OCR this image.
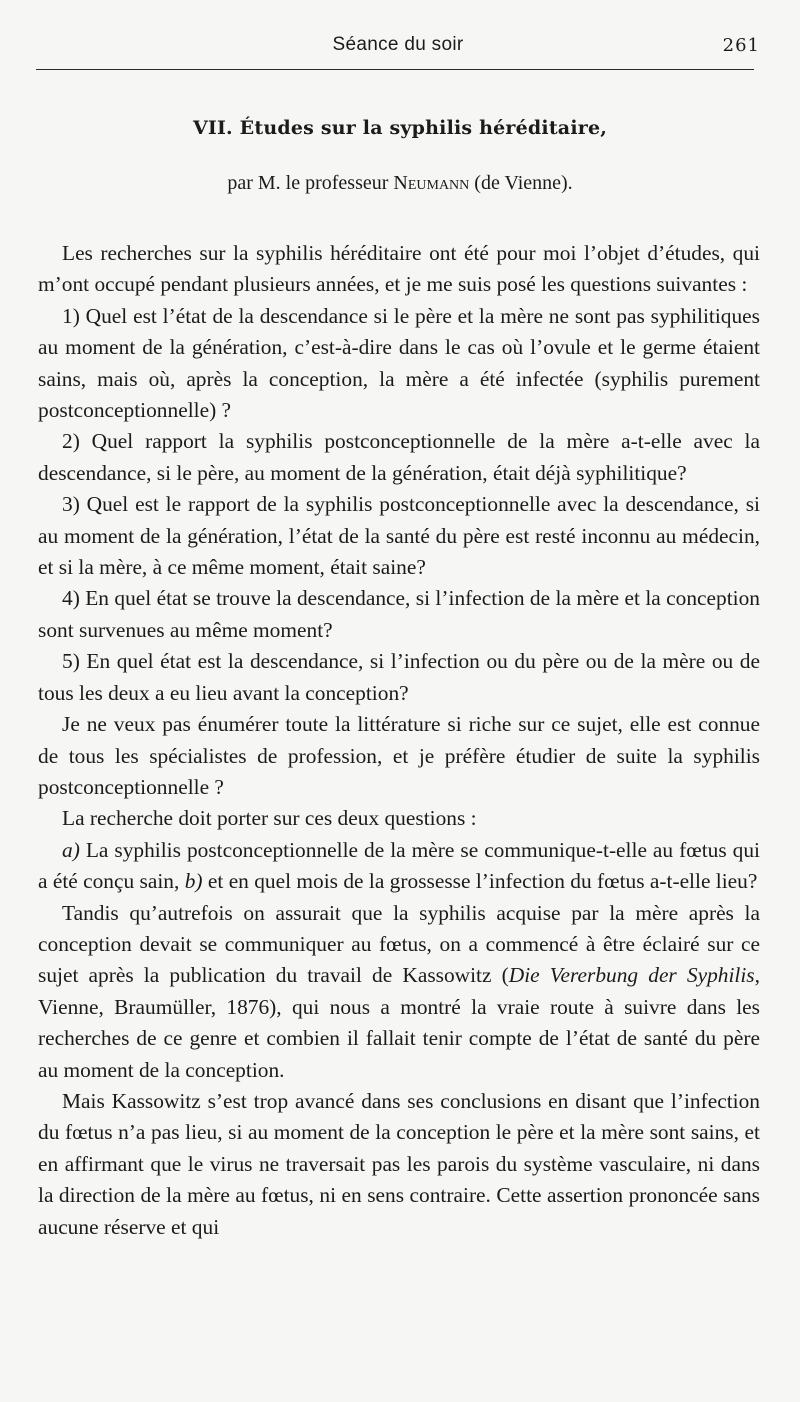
Séance du soir	261
VII. Études sur la syphilis héréditaire,
par M. le professeur Neumann (de Vienne).

Les recherches sur la syphilis héréditaire ont été pour moi l’objet d’études, qui m’ont occupé pendant plusieurs années, et je me suis posé les questions suivantes :

1) Quel est l’état de la descendance si le père et la mère ne sont pas syphilitiques au moment de la génération, c’est-à-dire dans le cas où l’ovule et le germe étaient sains, mais où, après la conception, la mère a été infectée (syphilis purement postconceptionnelle) ?

2) Quel rapport la syphilis postconceptionnelle de la mère a-t-elle avec la descendance, si le père, au moment de la génération, était déjà syphilitique?

3) Quel est le rapport de la syphilis postconceptionnelle avec la descendance, si au moment de la génération, l’état de la santé du père est resté inconnu au médecin, et si la mère, à ce même moment, était saine?

4) En quel état se trouve la descendance, si l’infection de la mère et la conception sont survenues au même moment?

5) En quel état est la descendance, si l’infection ou du père ou de la mère ou de tous les deux a eu lieu avant la conception?

Je ne veux pas énumérer toute la littérature si riche sur ce sujet, elle est connue de tous les spécialistes de profession, et je préfère étudier de suite la syphilis postconceptionnelle ?

La recherche doit porter sur ces deux questions :

a) La syphilis postconceptionnelle de la mère se communique-t-elle au fœtus qui a été conçu sain, b) et en quel mois de la grossesse l’infection du fœtus a-t-elle lieu?

Tandis qu’autrefois on assurait que la syphilis acquise par la mère après la conception devait se communiquer au fœtus, on a commencé à être éclairé sur ce sujet après la publication du travail de Kassowitz (Die Vererbung der Syphilis, Vienne, Braumüller, 1876), qui nous a montré la vraie route à suivre dans les recherches de ce genre et combien il fallait tenir compte de l’état de santé du père au moment de la conception.

Mais Kassowitz s’est trop avancé dans ses conclusions en disant que l’infection du fœtus n’a pas lieu, si au moment de la conception le père et la mère sont sains, et en affirmant que le virus ne traversait pas les parois du système vasculaire, ni dans la direction de la mère au fœtus, ni en sens contraire. Cette assertion prononcée sans aucune réserve et qui
